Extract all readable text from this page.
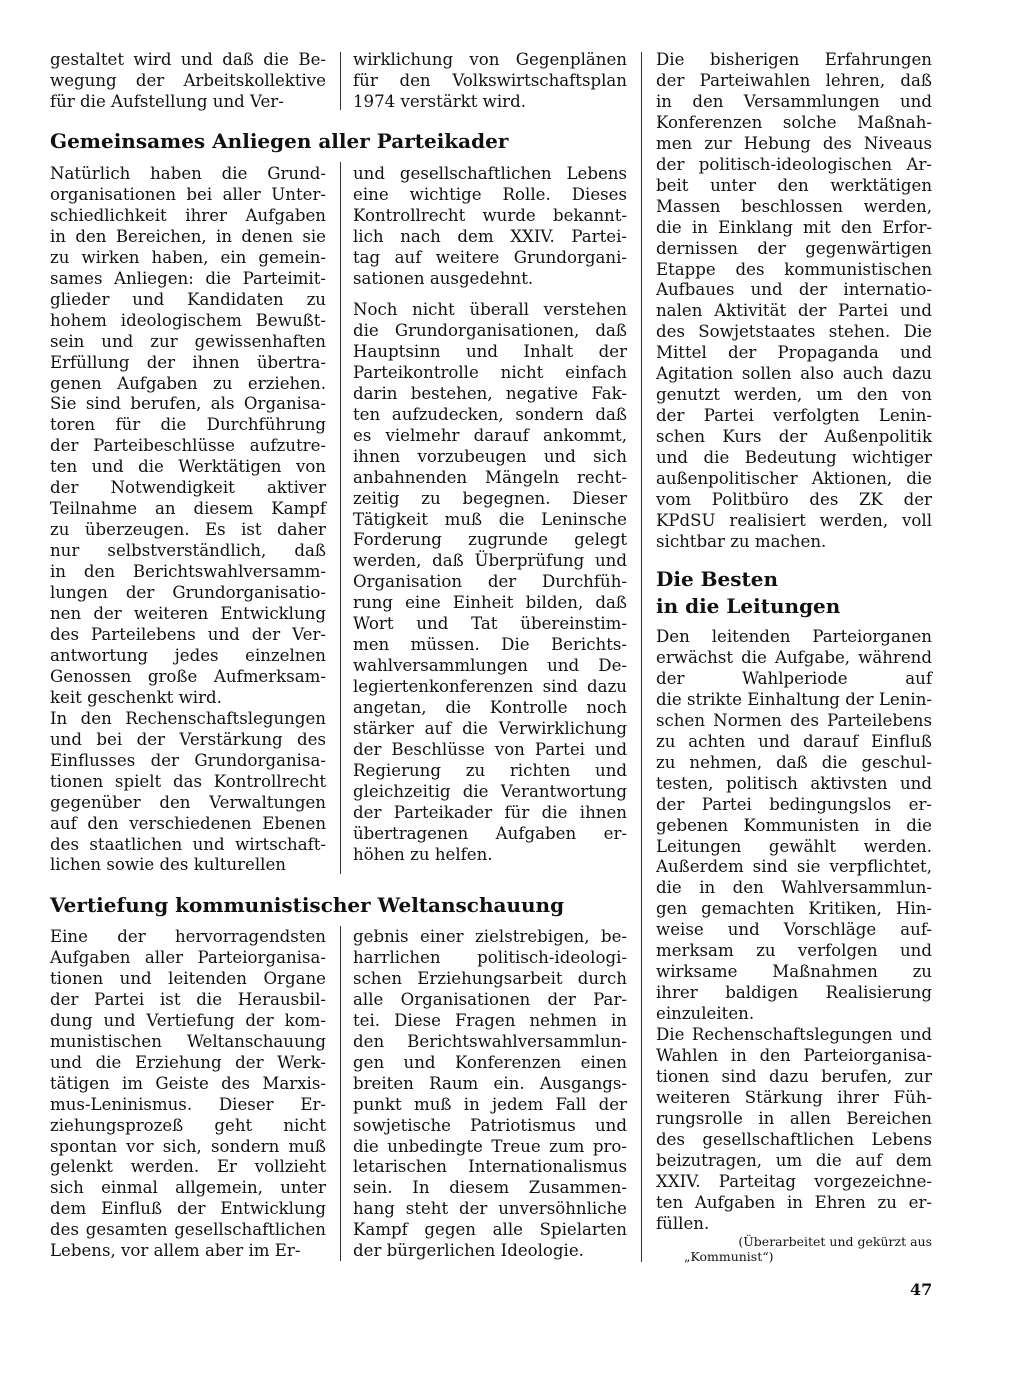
gestaltet wird und daß die Be-
wegung der Arbeitskollektive
für die Aufstellung und Ver-
wirklichung von Gegenplänen
für den Volkswirtschaftsplan
1974 verstärkt wird.
Gemeinsames Anliegen aller Parteikader
Natürlich haben die Grund-
organisationen bei aller Unter-
schiedlichkeit ihrer Aufgaben
in den Bereichen, in denen sie
zu wirken haben, ein gemein-
sames Anliegen: die Parteimit-
glieder und Kandidaten zu
hohem ideologischem Bewußt-
sein und zur gewissenhaften
Erfüllung der ihnen übertra-
genen Aufgaben zu erziehen.
Sie sind berufen, als Organisa-
toren für die Durchführung
der Parteibeschlüsse aufzutre-
ten und die Werktätigen von
der Notwendigkeit aktiver
Teilnahme an diesem Kampf
zu überzeugen. Es ist daher
nur selbstverständlich, daß
in den Berichtswahlversamm-
lungen der Grundorganisatio-
nen der weiteren Entwicklung
des Parteilebens und der Ver-
antwortung jedes einzelnen
Genossen große Aufmerksam-
keit geschenkt wird.
In den Rechenschaftslegungen
und bei der Verstärkung des
Einflusses der Grundorganisa-
tionen spielt das Kontrollrecht
gegenüber den Verwaltungen
auf den verschiedenen Ebenen
des staatlichen und wirtschaft-
lichen sowie des kulturellen
und gesellschaftlichen Lebens
eine wichtige Rolle. Dieses
Kontrollrecht wurde bekannt-
lich nach dem XXIV. Partei-
tag auf weitere Grundorgani-
sationen ausgedehnt.
Noch nicht überall verstehen
die Grundorganisationen, daß
Hauptsinn und Inhalt der
Parteikontrolle nicht einfach
darin bestehen, negative Fak-
ten aufzudecken, sondern daß
es vielmehr darauf ankommt,
ihnen vorzubeugen und sich
anbahnenden Mängeln recht-
zeitig zu begegnen. Dieser
Tätigkeit muß die Leninsche
Forderung zugrunde gelegt
werden, daß Überprüfung und
Organisation der Durchfüh-
rung eine Einheit bilden, daß
Wort und Tat übereinstim-
men müssen. Die Berichts-
wahlversammlungen und De-
legiertenkonferenzen sind dazu
angetan, die Kontrolle noch
stärker auf die Verwirklichung
der Beschlüsse von Partei und
Regierung zu richten und
gleichzeitig die Verantwortung
der Parteikader für die ihnen
übertragenen Aufgaben er-
höhen zu helfen.
Vertiefung kommunistischer Weltanschauung
Eine der hervorragendsten
Aufgaben aller Parteiorganisa-
tionen und leitenden Organe
der Partei ist die Herausbil-
dung und Vertiefung der kom-
munistischen Weltanschauung
und die Erziehung der Werk-
tätigen im Geiste des Marxis-
mus-Leninismus. Dieser Er-
ziehungsprozeß geht nicht
spontan vor sich, sondern muß
gelenkt werden. Er vollzieht
sich einmal allgemein, unter
dem Einfluß der Entwicklung
des gesamten gesellschaftlichen
Lebens, vor allem aber im Er-
gebnis einer zielstrebigen, be-
harrlichen politisch-ideologi-
schen Erziehungsarbeit durch
alle Organisationen der Par-
tei. Diese Fragen nehmen in
den Berichtswahlversammlun-
gen und Konferenzen einen
breiten Raum ein. Ausgangs-
punkt muß in jedem Fall der
sowjetische Patriotismus und
die unbedingte Treue zum pro-
letarischen Internationalismus
sein. In diesem Zusammen-
hang steht der unversöhnliche
Kampf gegen alle Spielarten
der bürgerlichen Ideologie.
Die bisherigen Erfahrungen
der Parteiwahlen lehren, daß
in den Versammlungen und
Konferenzen solche Maßnah-
men zur Hebung des Niveaus
der politisch-ideologischen Ar-
beit unter den werktätigen
Massen beschlossen werden,
die in Einklang mit den Erfor-
dernissen der gegenwärtigen
Etappe des kommunistischen
Aufbaues und der internatio-
nalen Aktivität der Partei und
des Sowjetstaates stehen. Die
Mittel der Propaganda und
Agitation sollen also auch dazu
genutzt werden, um den von
der Partei verfolgten Lenin-
schen Kurs der Außenpolitik
und die Bedeutung wichtiger
außenpolitischer Aktionen, die
vom Politbüro des ZK der
KPdSU realisiert werden, voll
sichtbar zu machen.
Die Besten
in die Leitungen
Den leitenden Parteiorganen
erwächst die Aufgabe, während
der Wahlperiode auf
die strikte Einhaltung der Lenin-
schen Normen des Parteilebens
zu achten und darauf Einfluß
zu nehmen, daß die geschul-
testen, politisch aktivsten und
der Partei bedingungslos er-
gebenen Kommunisten in die
Leitungen gewählt werden.
Außerdem sind sie verpflichtet,
die in den Wahlversammlun-
gen gemachten Kritiken, Hin-
weise und Vorschläge auf-
merksam zu verfolgen und
wirksame Maßnahmen zu
ihrer baldigen Realisierung
einzuleiten.
Die Rechenschaftslegungen und
Wahlen in den Parteiorganisa-
tionen sind dazu berufen, zur
weiteren Stärkung ihrer Füh-
rungsrolle in allen Bereichen
des gesellschaftlichen Lebens
beizutragen, um die auf dem
XXIV. Parteitag vorgezeichne-
ten Aufgaben in Ehren zu er-
füllen.
(Überarbeitet und gekürzt aus
„Kommunist“)
47
